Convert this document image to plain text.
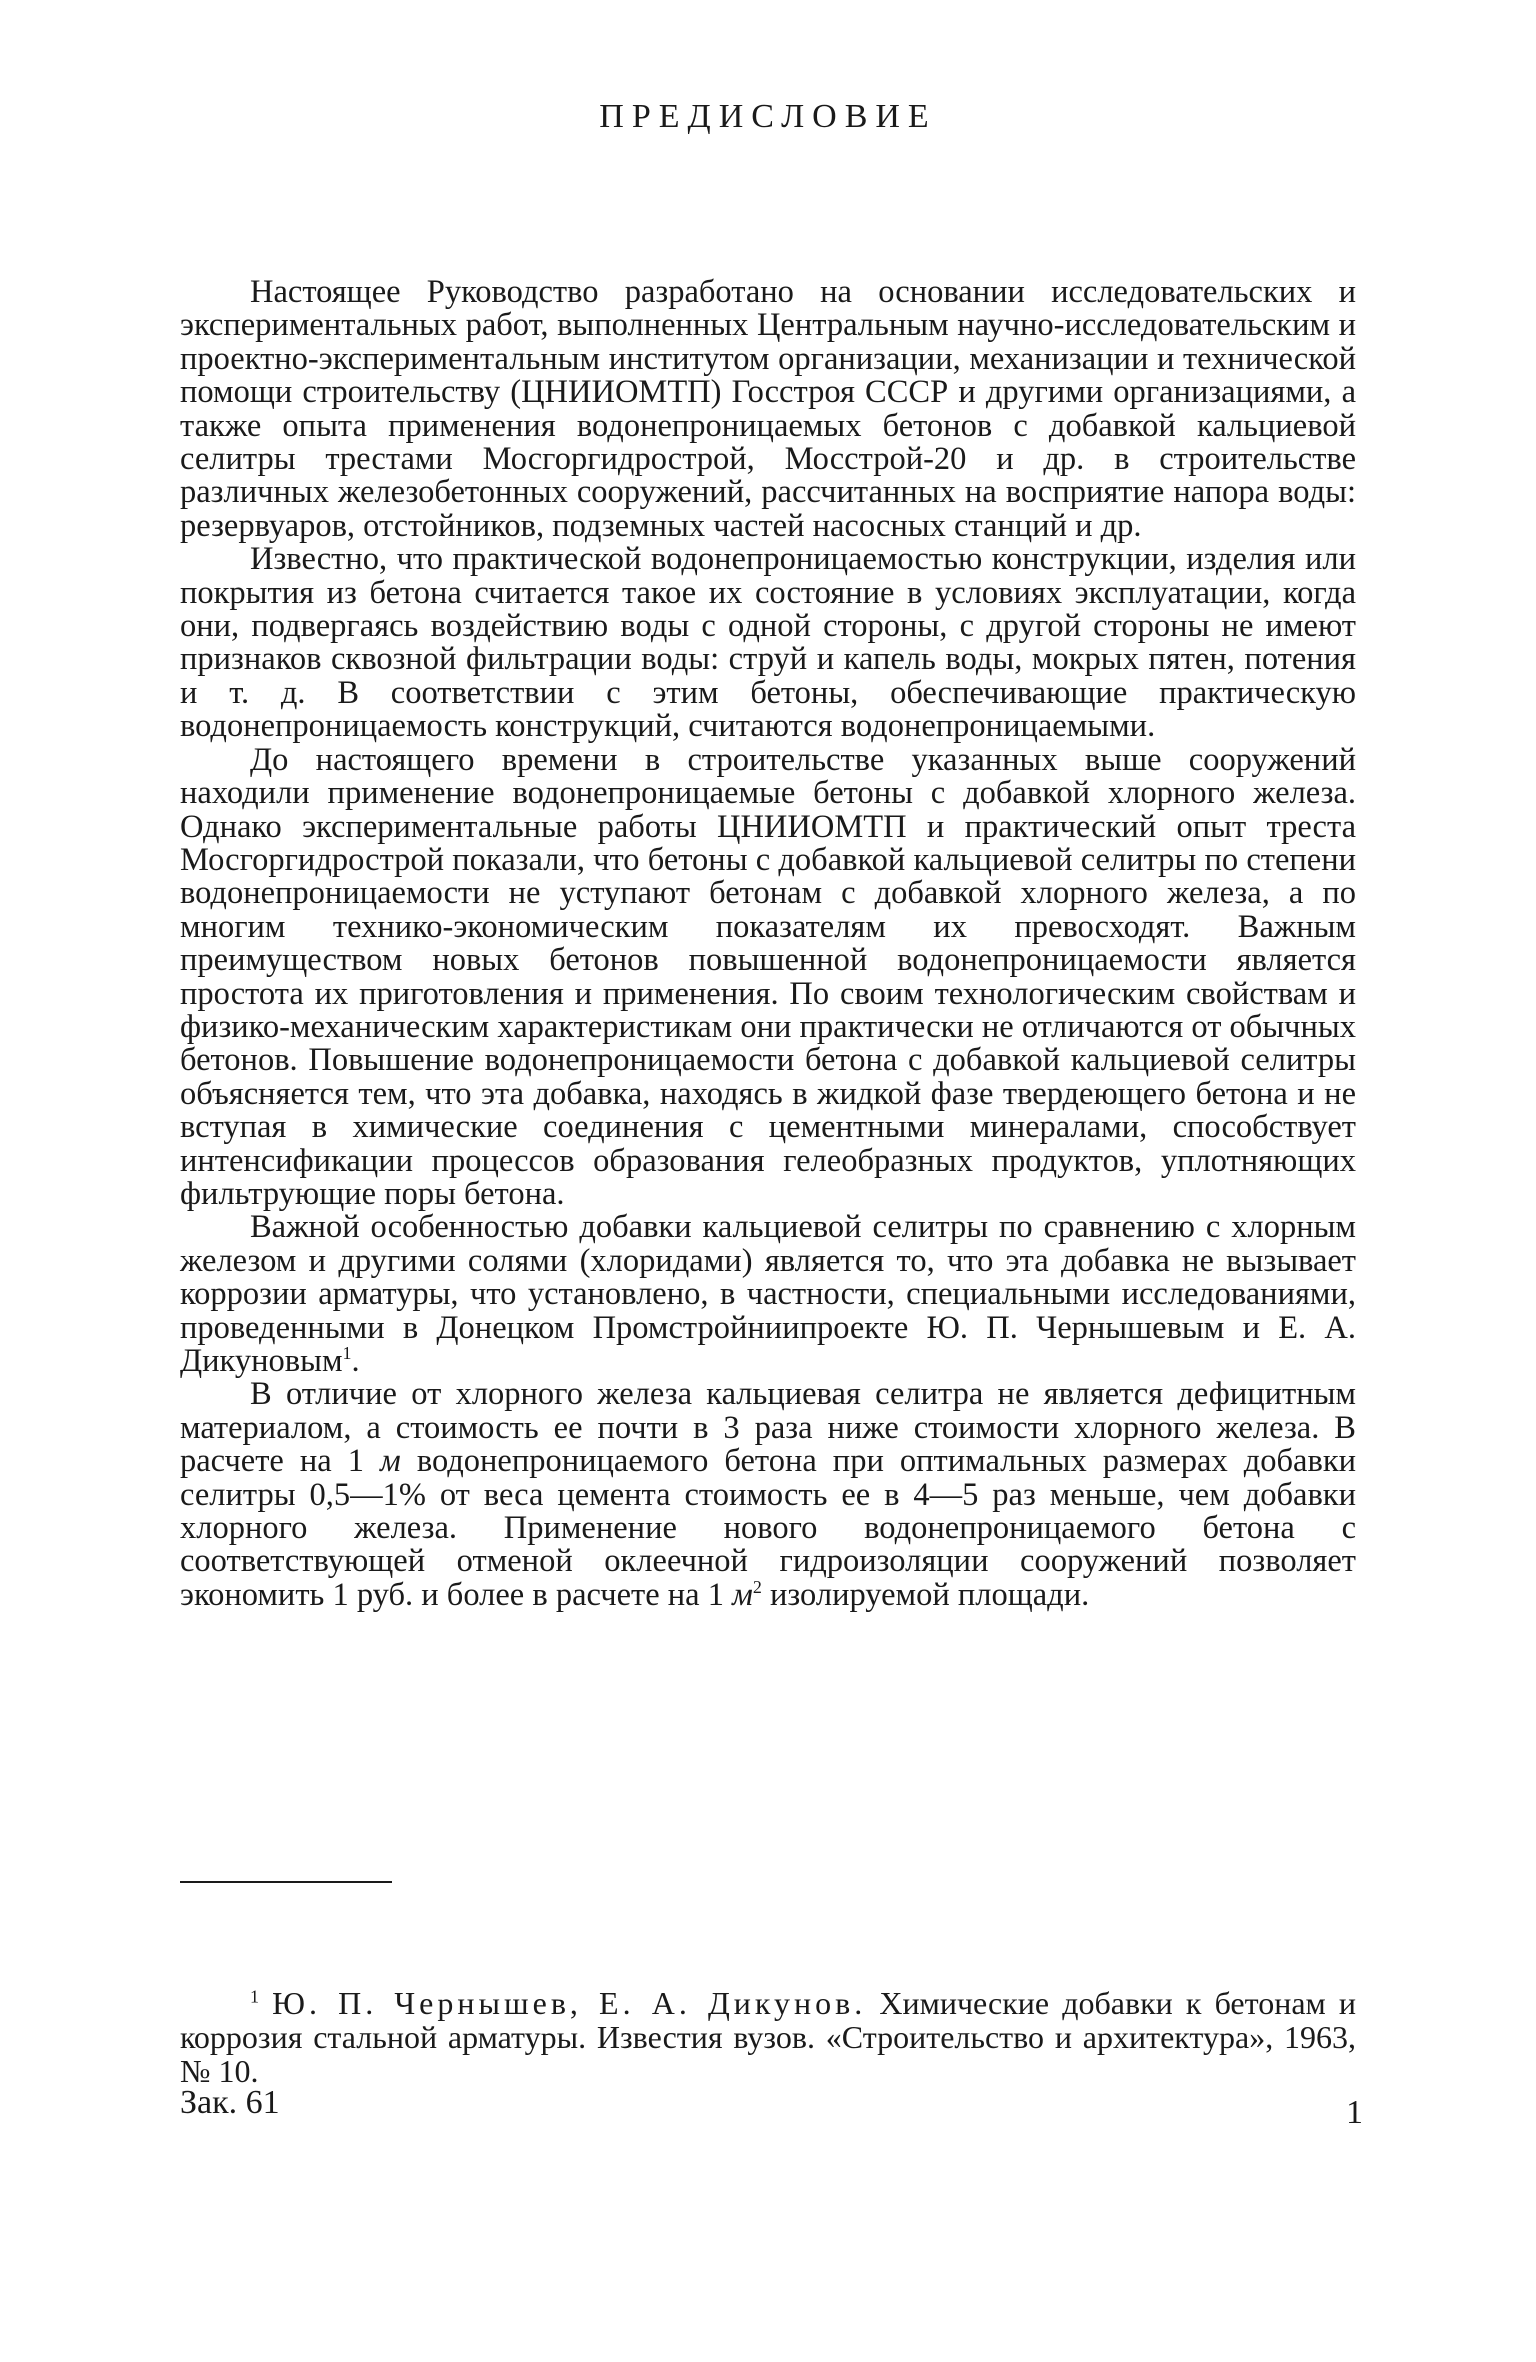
ПРЕДИСЛОВИЕ

Настоящее Руководство разработано на основании исследовательских и экспериментальных работ, выполненных Центральным научно-исследовательским и проектно-экспериментальным институтом организации, механизации и технической помощи строительству (ЦНИИОМТП) Госстроя СССР и другими организациями, а также опыта применения водонепроницаемых бетонов с добавкой кальциевой селитры трестами Мосгоргидрострой, Мосстрой-20 и др. в строительстве различных железобетонных сооружений, рассчитанных на восприятие напора воды: резервуаров, отстойников, подземных частей насосных станций и др.

Известно, что практической водонепроницаемостью конструкции, изделия или покрытия из бетона считается такое их состояние в условиях эксплуатации, когда они, подвергаясь воздействию воды с одной стороны, с другой стороны не имеют признаков сквозной фильтрации воды: струй и капель воды, мокрых пятен, потения и т. д. В соответствии с этим бетоны, обеспечивающие практическую водонепроницаемость конструкций, считаются водонепроницаемыми.

До настоящего времени в строительстве указанных выше сооружений находили применение водонепроницаемые бетоны с добавкой хлорного железа. Однако экспериментальные работы ЦНИИОМТП и практический опыт треста Мосгоргидрострой показали, что бетоны с добавкой кальциевой селитры по степени водонепроницаемости не уступают бетонам с добавкой хлорного железа, а по многим технико-экономическим показателям их превосходят. Важным преимуществом новых бетонов повышенной водонепроницаемости является простота их приготовления и применения. По своим технологическим свойствам и физико-механическим характеристикам они практически не отличаются от обычных бетонов. Повышение водонепроницаемости бетона с добавкой кальциевой селитры объясняется тем, что эта добавка, находясь в жидкой фазе твердеющего бетона и не вступая в химические соединения с цементными минералами, способствует интенсификации процессов образования гелеобразных продуктов, уплотняющих фильтрующие поры бетона.

Важной особенностью добавки кальциевой селитры по сравнению с хлорным железом и другими солями (хлоридами) является то, что эта добавка не вызывает коррозии арматуры, что установлено, в частности, специальными исследованиями, проведенными в Донецком Промстройниипроекте Ю. П. Чернышевым и Е. А. Дикуновым$^1$.

В отличие от хлорного железа кальциевая селитра не является дефицитным материалом, а стоимость ее почти в 3 раза ниже стоимости хлорного железа. В расчете на 1 м водонепроницаемого бетона при оптимальных размерах добавки селитры 0,5—1% от веса цемента стоимость ее в 4—5 раз меньше, чем добавки хлорного железа. Применение нового водонепроницаемого бетона с соответствующей отменой оклеечной гидроизоляции сооружений позволяет экономить 1 руб. и более в расчете на 1 $м^2$ изолируемой площади.

$^1$ Ю. П. Чернышев, Е. А. Дикунов. Химические добавки к бетонам и коррозия стальной арматуры. Известия вузов. «Строительство и архитектура», 1963, № 10.

Зак. 61	1
